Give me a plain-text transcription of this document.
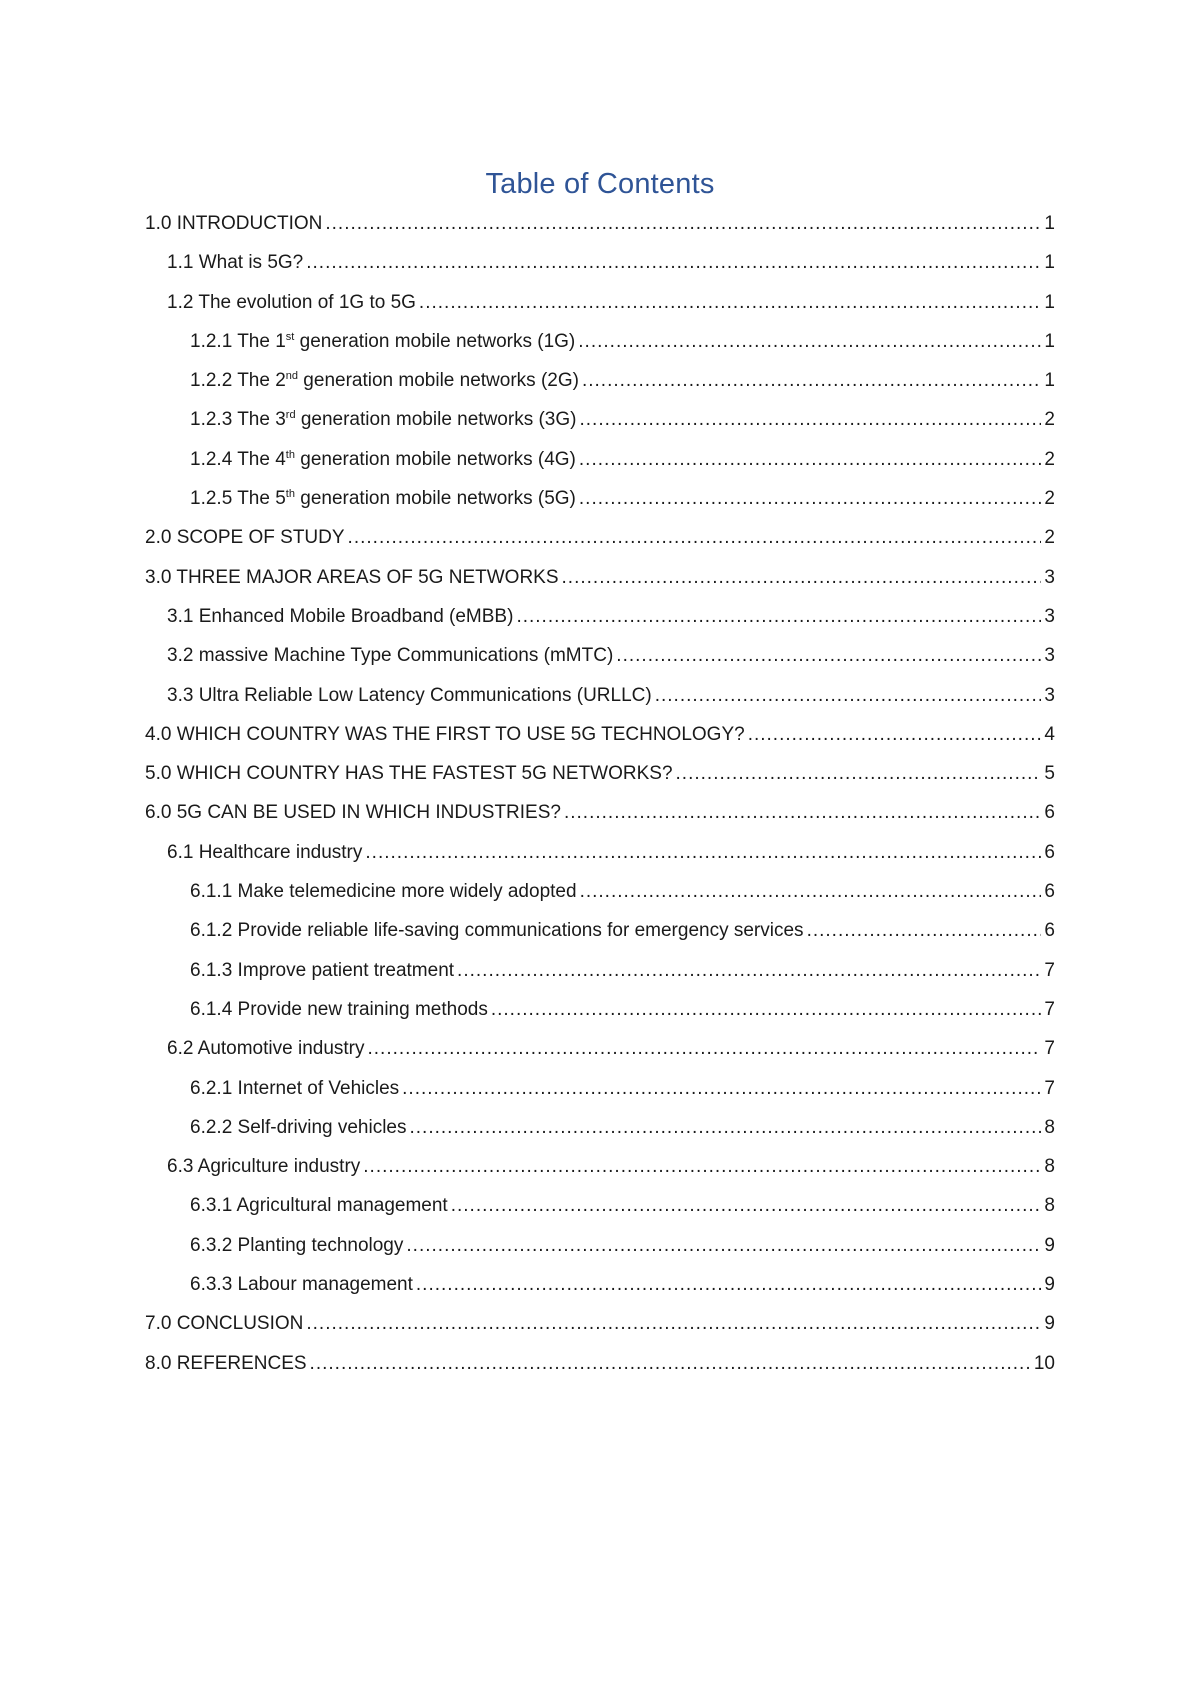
Table of Contents
1.0 INTRODUCTION .....	1
1.1 What is 5G? .....	1
1.2 The evolution of 1G to 5G .....	1
1.2.1 The 1st generation mobile networks (1G) .....	1
1.2.2 The 2nd generation mobile networks (2G) .....	1
1.2.3 The 3rd generation mobile networks (3G) .....	2
1.2.4 The 4th generation mobile networks (4G) .....	2
1.2.5 The 5th generation mobile networks (5G) .....	2
2.0 SCOPE OF STUDY .....	2
3.0 THREE MAJOR AREAS OF 5G NETWORKS .....	3
3.1 Enhanced Mobile Broadband (eMBB) .....	3
3.2 massive Machine Type Communications (mMTC) .....	3
3.3 Ultra Reliable Low Latency Communications (URLLC) .....	3
4.0 WHICH COUNTRY WAS THE FIRST TO USE 5G TECHNOLOGY? .....	4
5.0 WHICH COUNTRY HAS THE FASTEST 5G NETWORKS? .....	5
6.0 5G CAN BE USED IN WHICH INDUSTRIES? .....	6
6.1 Healthcare industry .....	6
6.1.1 Make telemedicine more widely adopted .....	6
6.1.2 Provide reliable life-saving communications for emergency services .....	6
6.1.3 Improve patient treatment .....	7
6.1.4 Provide new training methods .....	7
6.2 Automotive industry .....	7
6.2.1 Internet of Vehicles .....	7
6.2.2 Self-driving vehicles .....	8
6.3 Agriculture industry .....	8
6.3.1 Agricultural management .....	8
6.3.2 Planting technology .....	9
6.3.3 Labour management .....	9
7.0 CONCLUSION .....	9
8.0 REFERENCES .....	10
